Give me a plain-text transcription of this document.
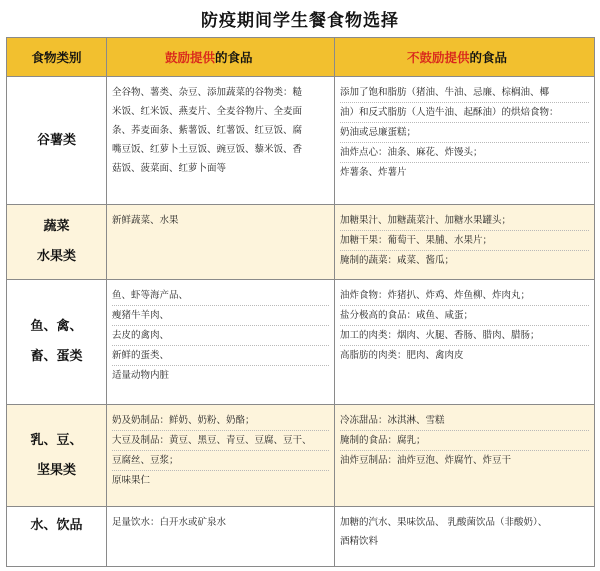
防疫期间学生餐食物选择
食物类别	鼓励提供的食品	不鼓励提供的食品

谷薯类	全谷物、薯类、杂豆、添加蔬菜的谷物类：糙
米饭、红米饭、燕麦片、全麦谷物片、全麦面
条、荞麦面条、紫薯饭、红薯饭、红豆饭、腐
嘴豆饭、红萝卜土豆饭、豌豆饭、藜米饭、香
菇饭、菠菜面、红萝卜面等	添加了饱和脂肪（猪油、牛油、忌廉、棕榈油、椰
油）和反式脂肪（人造牛油、起酥油）的烘焙食物：
奶油或忌廉蛋糕；
油炸点心：油条、麻花、炸馒头；
炸薯条、炸薯片

蔬菜
水果类	新鲜蔬菜、水果	加糖果汁、加糖蔬菜汁、加糖水果罐头；
加糖干果：葡萄干、果脯、水果片；
腌制的蔬菜：咸菜、酱瓜；

鱼、禽、
畜、蛋类	鱼、虾等海产品、
瘦猪牛羊肉、
去皮的禽肉、
新鲜的蛋类、
适量动物内脏	油炸食物：炸猪扒、炸鸡、炸鱼柳、炸肉丸；
盐分极高的食品：咸鱼、咸蛋；
加工的肉类：烟肉、火腿、香肠、腊肉、腊肠；
高脂肪的肉类：肥肉、禽肉皮

乳、豆、
坚果类	奶及奶制品：鲜奶、奶粉、奶酪；
大豆及制品：黄豆、黑豆、青豆、豆腐、豆干、
豆腐丝、豆浆；
原味果仁	冷冻甜品：冰淇淋、雪糕
腌制的食品：腐乳；
油炸豆制品：油炸豆泡、炸腐竹、炸豆干

水、饮品	足量饮水：白开水或矿泉水	加糖的汽水、果味饮品、 乳酸菌饮品（非酸奶）、
酒精饮料
